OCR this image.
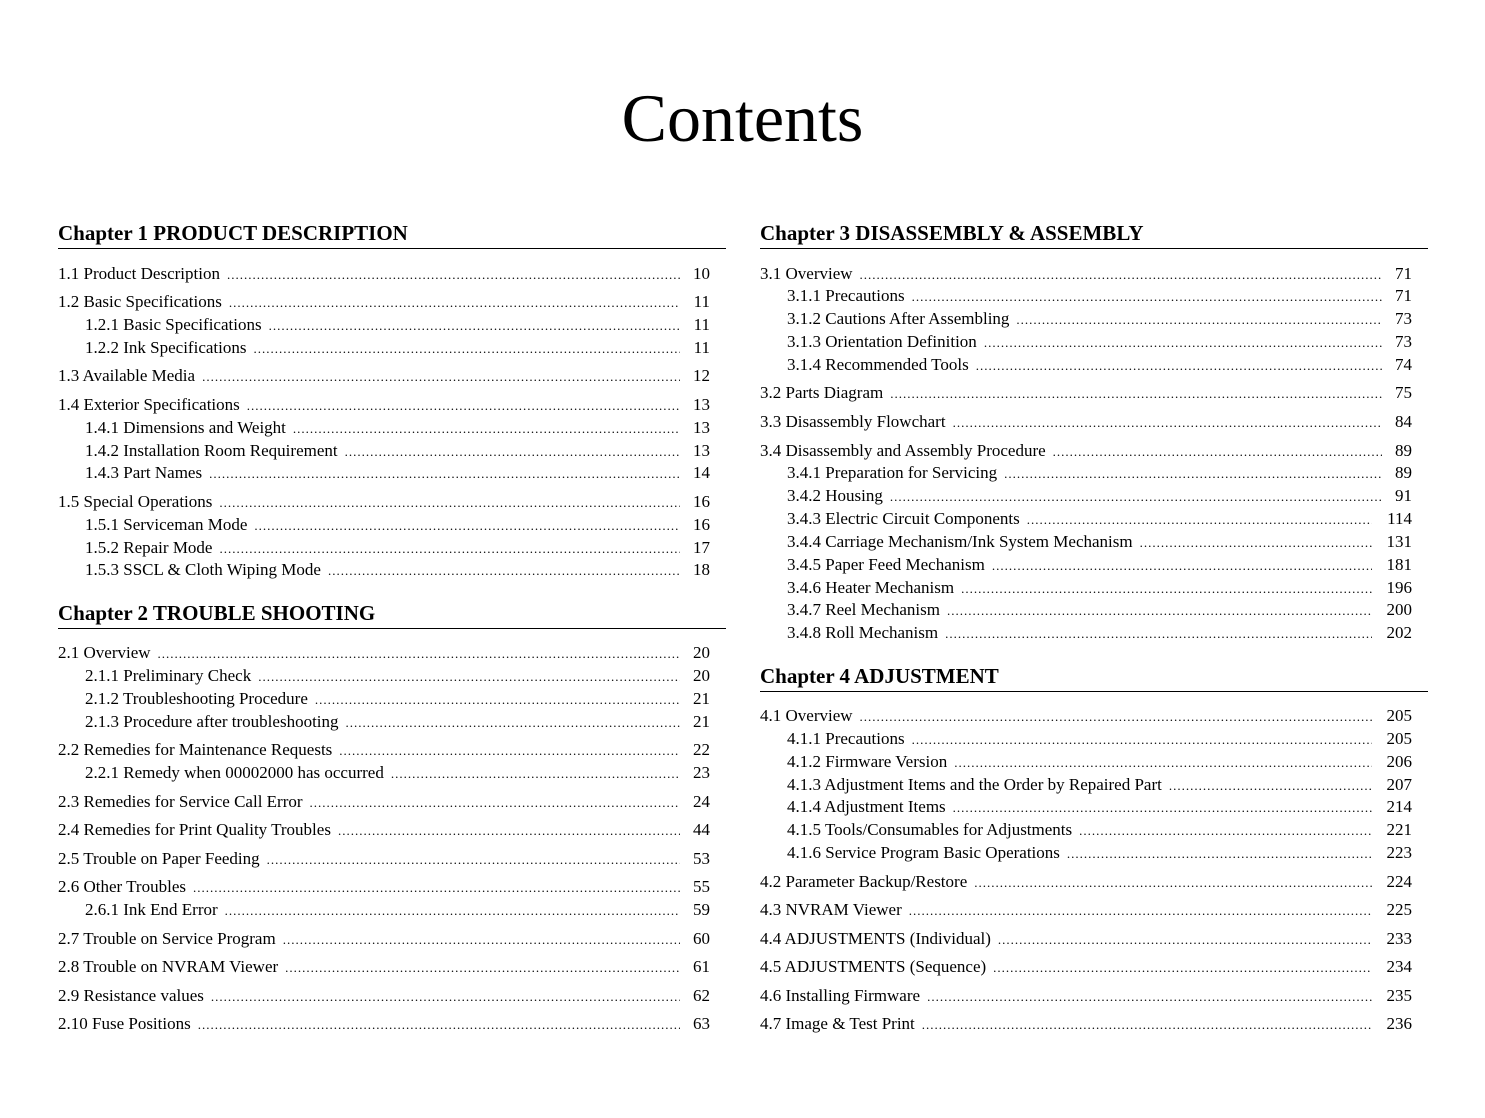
Contents
Chapter 1 PRODUCT DESCRIPTION
1.1 Product Description .....	10
1.2 Basic Specifications .....	11
1.2.1 Basic Specifications .....	11
1.2.2 Ink Specifications .....	11
1.3 Available Media .....	12
1.4 Exterior Specifications .....	13
1.4.1 Dimensions and Weight .....	13
1.4.2 Installation Room Requirement .....	13
1.4.3 Part Names .....	14
1.5 Special Operations .....	16
1.5.1 Serviceman Mode .....	16
1.5.2 Repair Mode .....	17
1.5.3 SSCL & Cloth Wiping Mode .....	18
Chapter 2 TROUBLE SHOOTING
2.1 Overview .....	20
2.1.1 Preliminary Check .....	20
2.1.2 Troubleshooting Procedure .....	21
2.1.3 Procedure after troubleshooting .....	21
2.2 Remedies for Maintenance Requests .....	22
2.2.1 Remedy when 00002000 has occurred .....	23
2.3 Remedies for Service Call Error .....	24
2.4 Remedies for Print Quality Troubles .....	44
2.5 Trouble on Paper Feeding .....	53
2.6 Other Troubles .....	55
2.6.1 Ink End Error .....	59
2.7 Trouble on Service Program .....	60
2.8 Trouble on NVRAM Viewer .....	61
2.9 Resistance values .....	62
2.10 Fuse Positions .....	63
Chapter 3 DISASSEMBLY & ASSEMBLY
3.1 Overview .....	71
3.1.1 Precautions .....	71
3.1.2 Cautions After Assembling .....	73
3.1.3 Orientation Definition .....	73
3.1.4 Recommended Tools .....	74
3.2 Parts Diagram .....	75
3.3 Disassembly Flowchart .....	84
3.4 Disassembly and Assembly Procedure .....	89
3.4.1 Preparation for Servicing .....	89
3.4.2 Housing .....	91
3.4.3 Electric Circuit Components .....	114
3.4.4 Carriage Mechanism/Ink System Mechanism .....	131
3.4.5 Paper Feed Mechanism .....	181
3.4.6 Heater Mechanism .....	196
3.4.7 Reel Mechanism .....	200
3.4.8 Roll Mechanism .....	202
Chapter 4 ADJUSTMENT
4.1 Overview .....	205
4.1.1 Precautions .....	205
4.1.2 Firmware Version .....	206
4.1.3 Adjustment Items and the Order by Repaired Part .....	207
4.1.4 Adjustment Items .....	214
4.1.5 Tools/Consumables for Adjustments .....	221
4.1.6 Service Program Basic Operations .....	223
4.2 Parameter Backup/Restore .....	224
4.3 NVRAM Viewer .....	225
4.4 ADJUSTMENTS (Individual) .....	233
4.5 ADJUSTMENTS (Sequence) .....	234
4.6 Installing Firmware .....	235
4.7 Image & Test Print .....	236
